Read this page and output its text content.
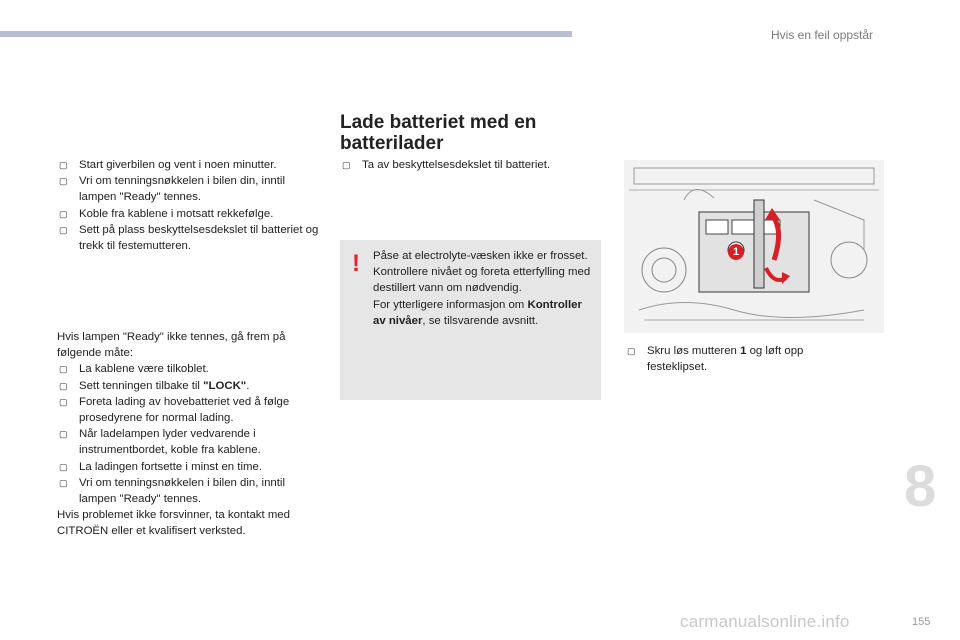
Hvis en feil oppstår
▢ Start giverbilen og vent i noen minutter.
▢ Vri om tenningsnøkkelen i bilen din, inntil lampen "Ready" tennes.
▢ Koble fra kablene i motsatt rekkefølge.
▢ Sett på plass beskyttelsesdekslet til batteriet og trekk til festemutteren.

Hvis lampen "Ready" ikke tennes, gå frem på følgende måte:

▢ La kablene være tilkoblet.
▢ Sett tenningen tilbake til "LOCK".
▢ Foreta lading av hovebatteriet ved å følge prosedyrene for normal lading.
▢ Når ladelampen lyder vedvarende i instrumentbordet, koble fra kablene.
▢ La ladingen fortsette i minst en time.
▢ Vri om tenningsnøkkelen i bilen din, inntil lampen "Ready" tennes.

Hvis problemet ikke forsvinner, ta kontakt med CITROËN eller et kvalifisert verksted.

Lade batteriet med en batterilader
▢ Ta av beskyttelsesdekslet til batteriet.
! Påse at electrolyte-væsken ikke er frosset.
Kontrollere nivået og foreta etterfylling med destillert vann om nødvendig.
For ytterligere informasjon om Kontroller av nivåer, se tilsvarende avsnitt.
1
▢ Skru løs mutteren 1 og løft opp festeklipset.
8
carmanualsonline.info	155
